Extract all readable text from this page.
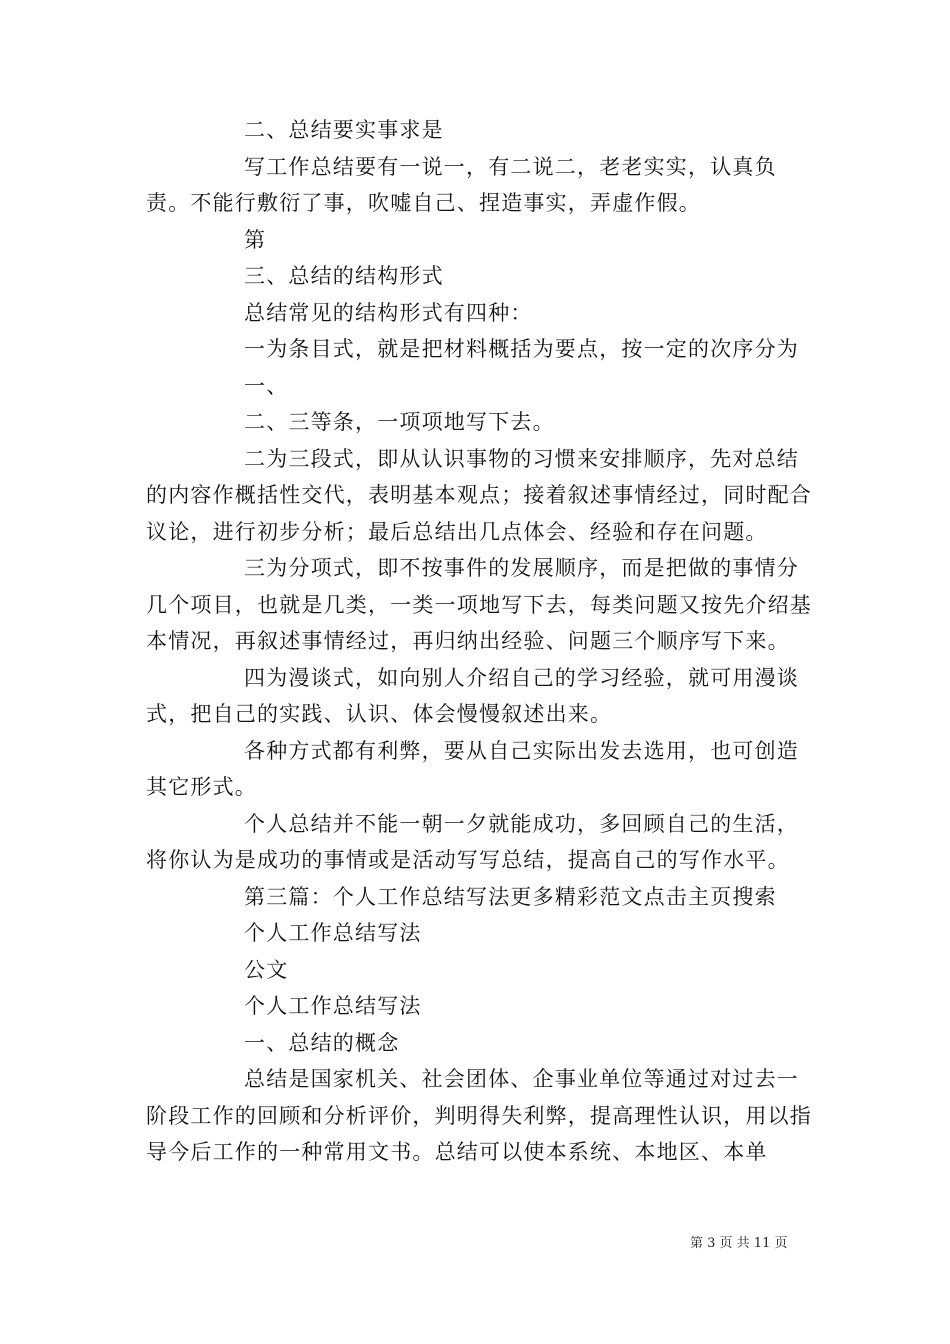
二、总结要实事求是

写工作总结要有一说一，有二说二，老老实实，认真负责。不能行敷衍了事，吹嘘自己、捏造事实，弄虚作假。

第

三、总结的结构形式

总结常见的结构形式有四种：

一为条目式，就是把材料概括为要点，按一定的次序分为

一、

二、三等条，一项项地写下去。

二为三段式，即从认识事物的习惯来安排顺序，先对总结的内容作概括性交代，表明基本观点；接着叙述事情经过，同时配合议论，进行初步分析；最后总结出几点体会、经验和存在问题。

三为分项式，即不按事件的发展顺序，而是把做的事情分几个项目，也就是几类，一类一项地写下去，每类问题又按先介绍基本情况，再叙述事情经过，再归纳出经验、问题三个顺序写下来。

四为漫谈式，如向别人介绍自己的学习经验，就可用漫谈式，把自己的实践、认识、体会慢慢叙述出来。

各种方式都有利弊，要从自己实际出发去选用，也可创造其它形式。

个人总结并不能一朝一夕就能成功，多回顾自己的生活，将你认为是成功的事情或是活动写写总结，提高自己的写作水平。

第三篇：个人工作总结写法更多精彩范文点击主页搜索

个人工作总结写法

公文

个人工作总结写法

一、总结的概念

总结是国家机关、社会团体、企事业单位等通过对过去一阶段工作的回顾和分析评价，判明得失利弊，提高理性认识，用以指导今后工作的一种常用文书。总结可以使本系统、本地区、本单

第 3 页 共 11 页
